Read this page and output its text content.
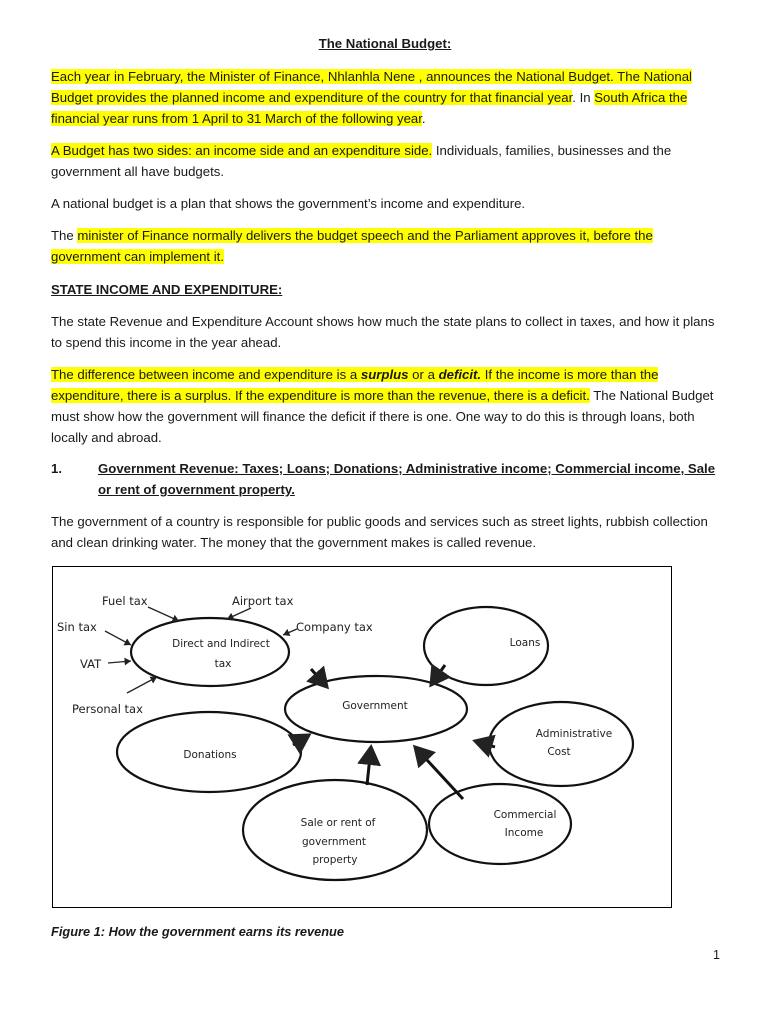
The National Budget:

Each year in February, the Minister of Finance, Nhlanhla Nene , announces the National Budget. The National Budget provides the planned income and expenditure of the country for that financial year. In South Africa the financial year runs from 1 April to 31 March of the following year.

A Budget has two sides: an income side and an expenditure side. Individuals, families, businesses and the government all have budgets.

A national budget is a plan that shows the government’s income and expenditure.

The minister of Finance normally delivers the budget speech and the Parliament approves it, before the government can implement it.

STATE INCOME AND EXPENDITURE:

The state Revenue and Expenditure Account shows how much the state plans to collect in taxes, and how it plans to spend this income in the year ahead.

The difference between income and expenditure is a surplus or a deficit. If the income is more than the expenditure, there is a surplus. If the expenditure is more than the revenue, there is a deficit. The National Budget must show how the government will finance the deficit if there is one. One way to do this is through loans, both locally and abroad.

1.	Government Revenue: Taxes; Loans; Donations; Administrative income; Commercial income, Sale or rent of government property.

The government of a country is responsible for public goods and services such as street lights, rubbish collection and clean drinking water. The money that the government makes is called revenue.

Fuel tax	Airport tax
Sin tax	Company tax
VAT
Personal tax
Direct and Indirect
tax
Government
Loans
Donations
Administrative
Cost
Commercial
Income
Sale or rent of
government
property
Figure 1: How the government earns its revenue
1
